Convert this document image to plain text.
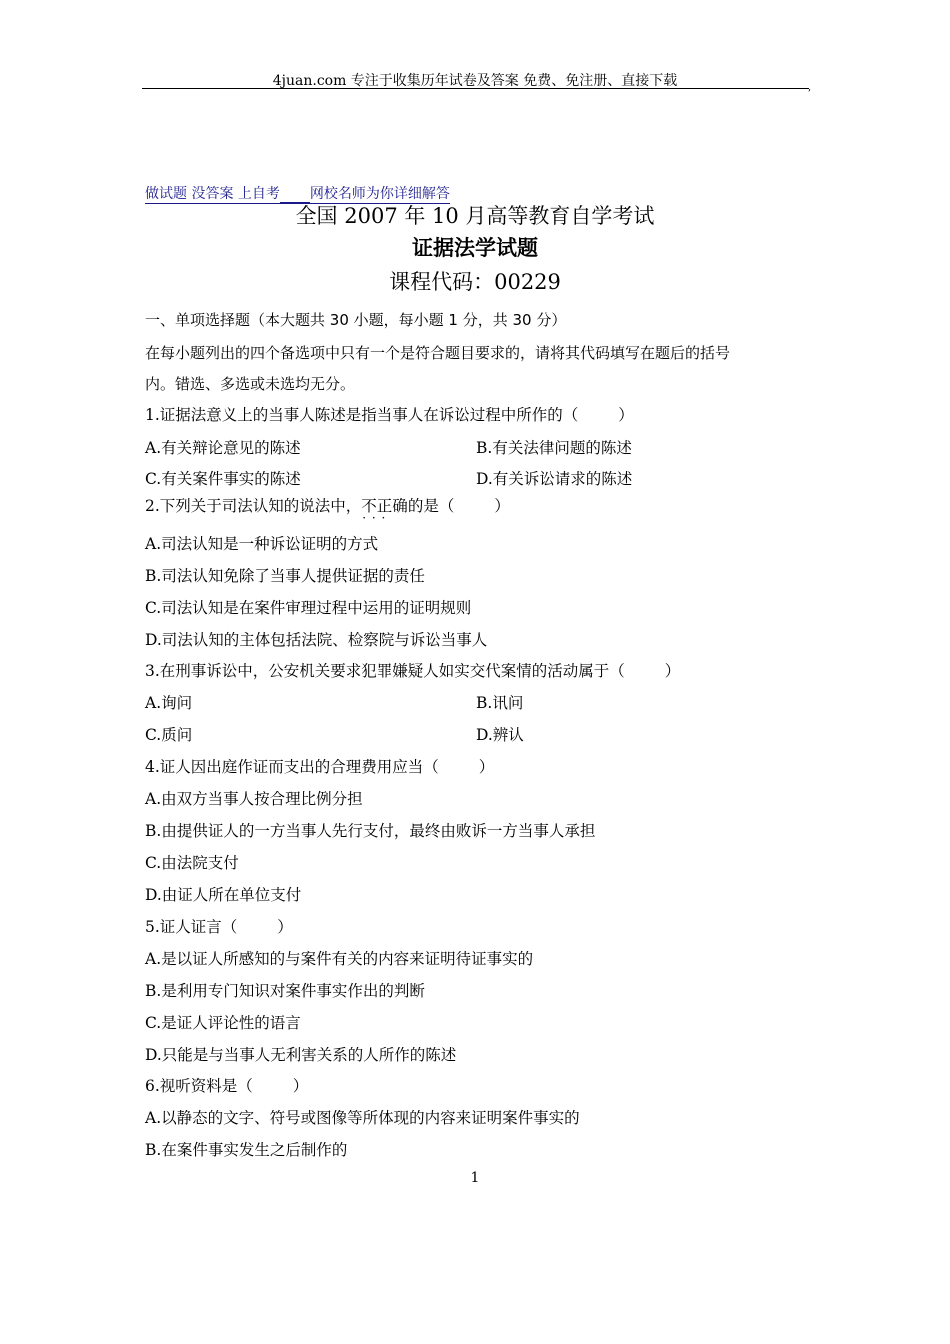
4juan.com 专注于收集历年试卷及答案 免费、免注册、直接下载	,
做试题 没答案 上自考 网校名师为你详细解答
全国 2007 年 10 月高等教育自学考试
证据法学试题
课程代码：00229
一、单项选择题（本大题共 30 小题，每小题 1 分，共 30 分）
在每小题列出的四个备选项中只有一个是符合题目要求的，请将其代码填写在题后的括号
内。错选、多选或未选均无分。
1.证据法意义上的当事人陈述是指当事人在诉讼过程中所作的（	）
A.有关辩论意见的陈述	B.有关法律问题的陈述
C.有关案件事实的陈述	D.有关诉讼请求的陈述
2.下列关于司法认知的说法中，不正确 · · ·的是（	）
A.司法认知是一种诉讼证明的方式
B.司法认知免除了当事人提供证据的责任
C.司法认知是在案件审理过程中运用的证明规则
D.司法认知的主体包括法院、检察院与诉讼当事人
3.在刑事诉讼中，公安机关要求犯罪嫌疑人如实交代案情的活动属于（	）
A.询问	B.讯问
C.质问	D.辨认
4.证人因出庭作证而支出的合理费用应当（	）
A.由双方当事人按合理比例分担
B.由提供证人的一方当事人先行支付，最终由败诉一方当事人承担
C.由法院支付
D.由证人所在单位支付
5.证人证言（	）
A.是以证人所感知的与案件有关的内容来证明待证事实的
B.是利用专门知识对案件事实作出的判断
C.是证人评论性的语言
D.只能是与当事人无利害关系的人所作的陈述
6.视听资料是（	）
A.以静态的文字、符号或图像等所体现的内容来证明案件事实的
B.在案件事实发生之后制作的
1
